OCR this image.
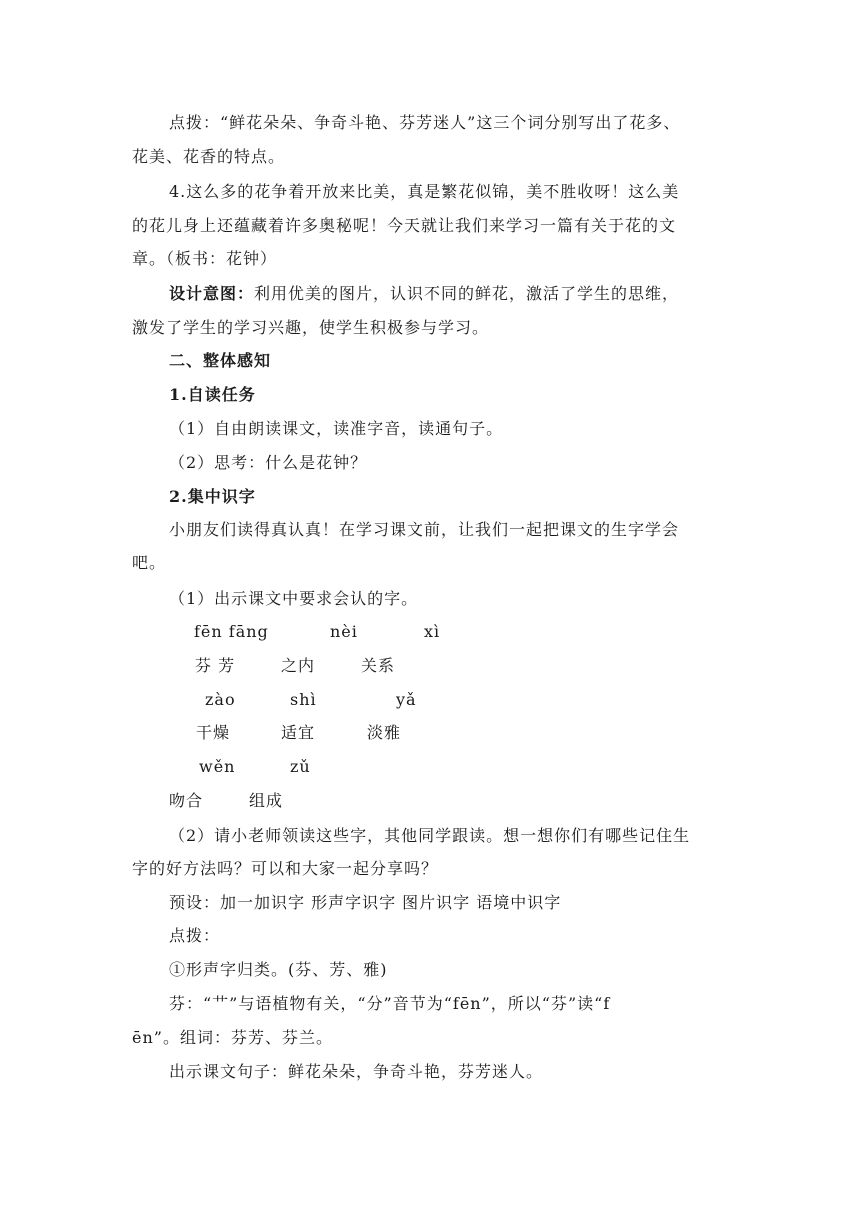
点拨：“鲜花朵朵、争奇斗艳、芬芳迷人”这三个词分别写出了花多、
花美、花香的特点。
4.这么多的花争着开放来比美，真是繁花似锦，美不胜收呀！这么美
的花儿身上还蕴藏着许多奥秘呢！今天就让我们来学习一篇有关于花的文
章。（板书：花钟）
设计意图：利用优美的图片，认识不同的鲜花，激活了学生的思维，
激发了学生的学习兴趣，使学生积极参与学习。
二、整体感知
1.自读任务
（1）自由朗读课文，读准字音，读通句子。
（2）思考：什么是花钟？
2.集中识字
小朋友们读得真认真！在学习课文前，让我们一起把课文的生字学会
吧。
（1）出示课文中要求会认的字。
fēn fāng	nèi	xì
芬 芳	之内	关系
zào	shì	yǎ
干燥	适宜	淡雅
wěn	zǔ
吻合	组成
（2）请小老师领读这些字，其他同学跟读。想一想你们有哪些记住生
字的好方法吗？可以和大家一起分享吗？
预设：加一加识字 形声字识字 图片识字 语境中识字
点拨：
①形声字归类。(芬、芳、雅)
芬：“艹”与语植物有关，“分”音节为“fēn”，所以“芬”读“f
ēn”。组词：芬芳、芬兰。
出示课文句子：鲜花朵朵，争奇斗艳，芬芳迷人。
